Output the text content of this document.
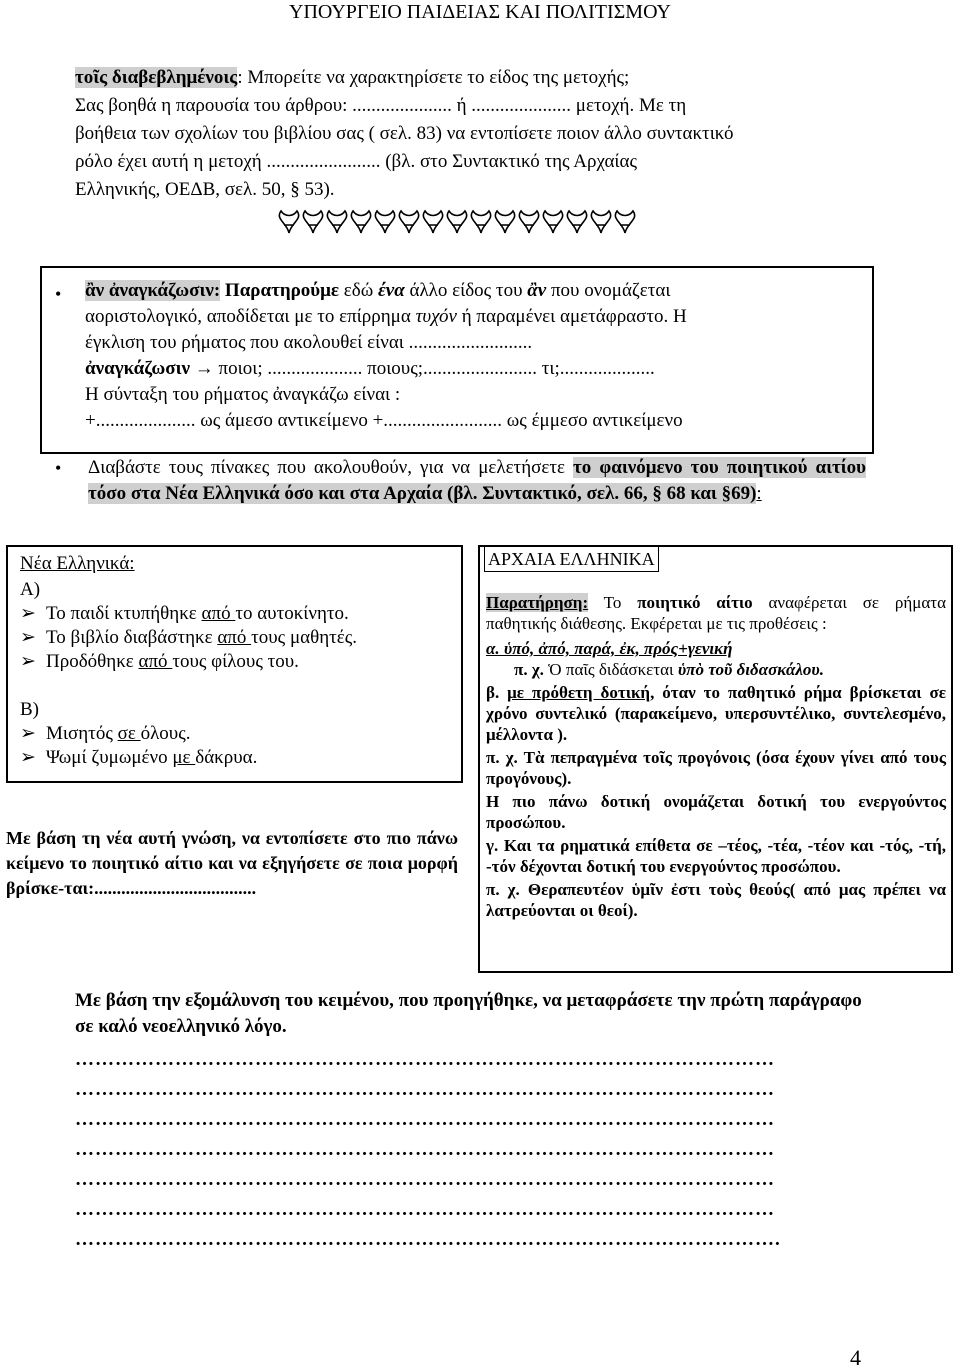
ΥΠΟΥΡΓΕΙΟ ΠΑΙΔΕΙΑΣ ΚΑΙ ΠΟΛΙΤΙΣΜΟΥ
τοῖς διαβεβλημένοις: Μπορείτε να χαρακτηρίσετε το είδος της μετοχής;
Σας βοηθά η παρουσία του άρθρου: ..................... ή ..................... μετοχή. Με τη
βοήθεια των σχολίων του βιβλίου σας ( σελ. 83) να εντοπίσετε ποιον άλλο συντακτικό
ρόλο έχει αυτή η μετοχή ........................ (βλ. στο Συντακτικό της Αρχαίας
Ελληνικής, ΟΕΔΒ, σελ. 50, § 53).
• ἂν ἀναγκάζωσιν: Παρατηρούμε εδώ ένα άλλο είδος του ἂν που ονομάζεται
αοριστολογικό, αποδίδεται με το επίρρημα τυχόν ή παραμένει αμετάφραστο. Η
έγκλιση του ρήματος που ακολουθεί είναι ..........................
ἀναγκάζωσιν → ποιοι; .................... ποιους;........................ τι;....................
Η σύνταξη του ρήματος ἀναγκάζω είναι :
+..................... ως άμεσο αντικείμενο +......................... ως έμμεσο αντικείμενο
• Διαβάστε τους πίνακες που ακολουθούν, για να μελετήσετε το φαινόμενο του ποιητικού αιτίου τόσο στα Νέα Ελληνικά όσο και στα Αρχαία (βλ. Συντακτικό, σελ. 66, § 68 και §69):
Νέα Ελληνικά:
Α)
➢ Το παιδί κτυπήθηκε από το αυτοκίνητο.
➢ Το βιβλίο διαβάστηκε από τους μαθητές.
➢ Προδόθηκε από τους φίλους του.
Β)
➢ Μισητός σε όλους.
➢ Ψωμί ζυμωμένο με δάκρυα.
Με βάση τη νέα αυτή γνώση, να εντοπίσετε στο πιο πάνω κείμενο το ποιητικό αίτιο και να εξηγήσετε σε ποια μορφή βρίσκε-ται:....................................
ΑΡΧΑΙΑ ΕΛΛΗΝΙΚΑ
Παρατήρηση: Το ποιητικό αίτιο αναφέρεται σε ρήματα παθητικής διάθεσης. Εκφέρεται με τις προθέσεις :
α. ὑπό, ἀπό, παρά, ἐκ, πρός+γενική
π. χ. Ὁ παῖς διδάσκεται ὑπὸ τοῦ διδασκάλου.
β. με πρόθετη δοτική, όταν το παθητικό ρήμα βρίσκεται σε χρόνο συντελικό (παρακείμενο, υπερσυντέλικο, συντελεσμένο, μέλλοντα ).
π. χ. Τὰ πεπραγμένα τοῖς προγόνοις (όσα έχουν γίνει από τους προγόνους).
Η πιο πάνω δοτική ονομάζεται δοτική του ενεργούντος προσώπου.
γ. Και τα ρηματικά επίθετα σε –τέος, -τέα, -τέον και -τός, -τή, -τόν δέχονται δοτική του ενεργούντος προσώπου.
π. χ. Θεραπευτέον ὑμῖν ἐστι τοὺς θεούς( από μας πρέπει να λατρεύονται οι θεοί).
Με βάση την εξομάλυνση του κειμένου, που προηγήθηκε, να μεταφράσετε την πρώτη παράγραφο σε καλό νεοελληνικό λόγο.
……………………………………………………………………………………………
……………………………………………………………………………………………
……………………………………………………………………………………………
……………………………………………………………………………………………
……………………………………………………………………………………………
……………………………………………………………………………………………
…………………………………………………………………………………………….
4
